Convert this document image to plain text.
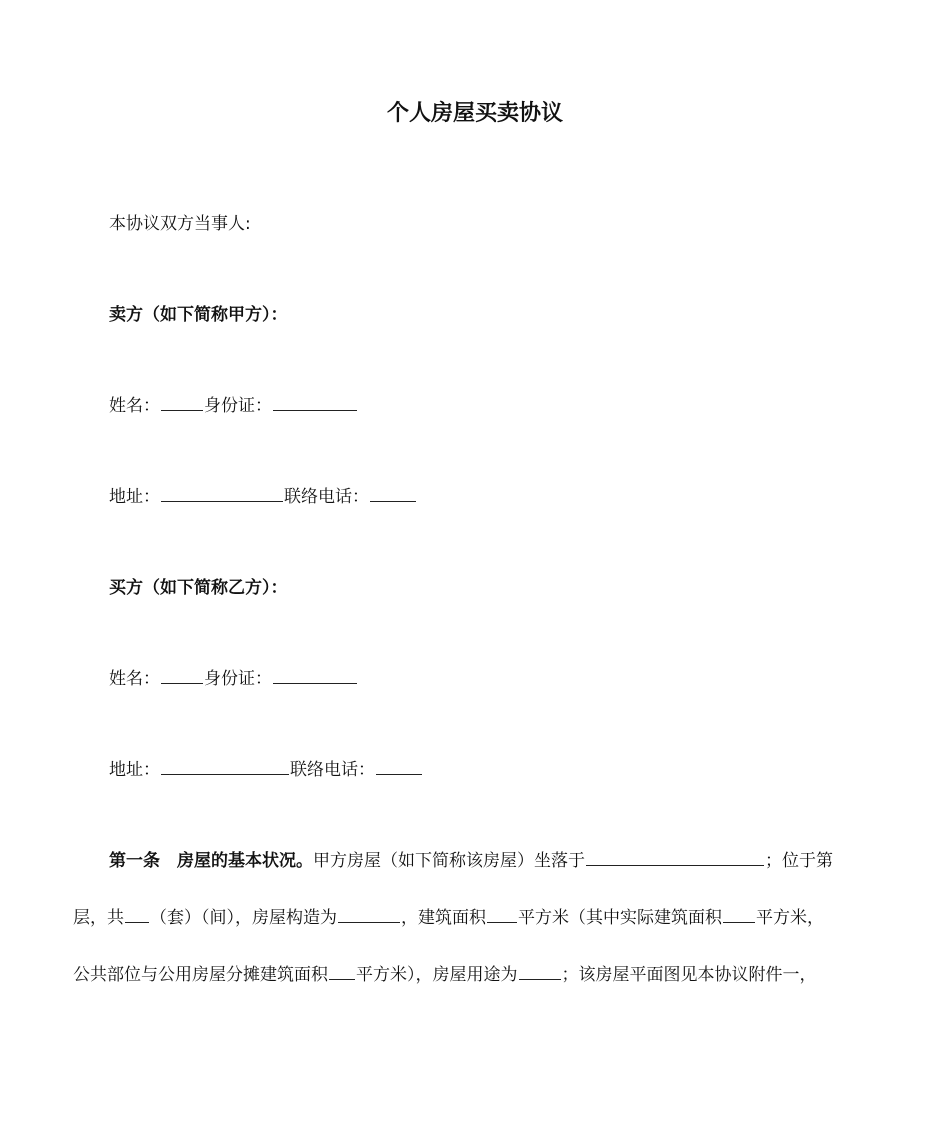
个人房屋买卖协议
本协议双方当事人:
卖方（如下简称甲方）：
姓名：	身份证：
地址：	联络电话：
买方（如下简称乙方）：
姓名：	身份证：
地址：	联络电话：
第一条　房屋的基本状况。甲方房屋（如下简称该房屋）坐落于	；位于第
层，共 （套）（间），房屋构造为	，建筑面积 平方米（其中实际建筑面积 平方米，
公共部位与公用房屋分摊建筑面积 平方米），房屋用途为	；该房屋平面图见本协议附件一，
